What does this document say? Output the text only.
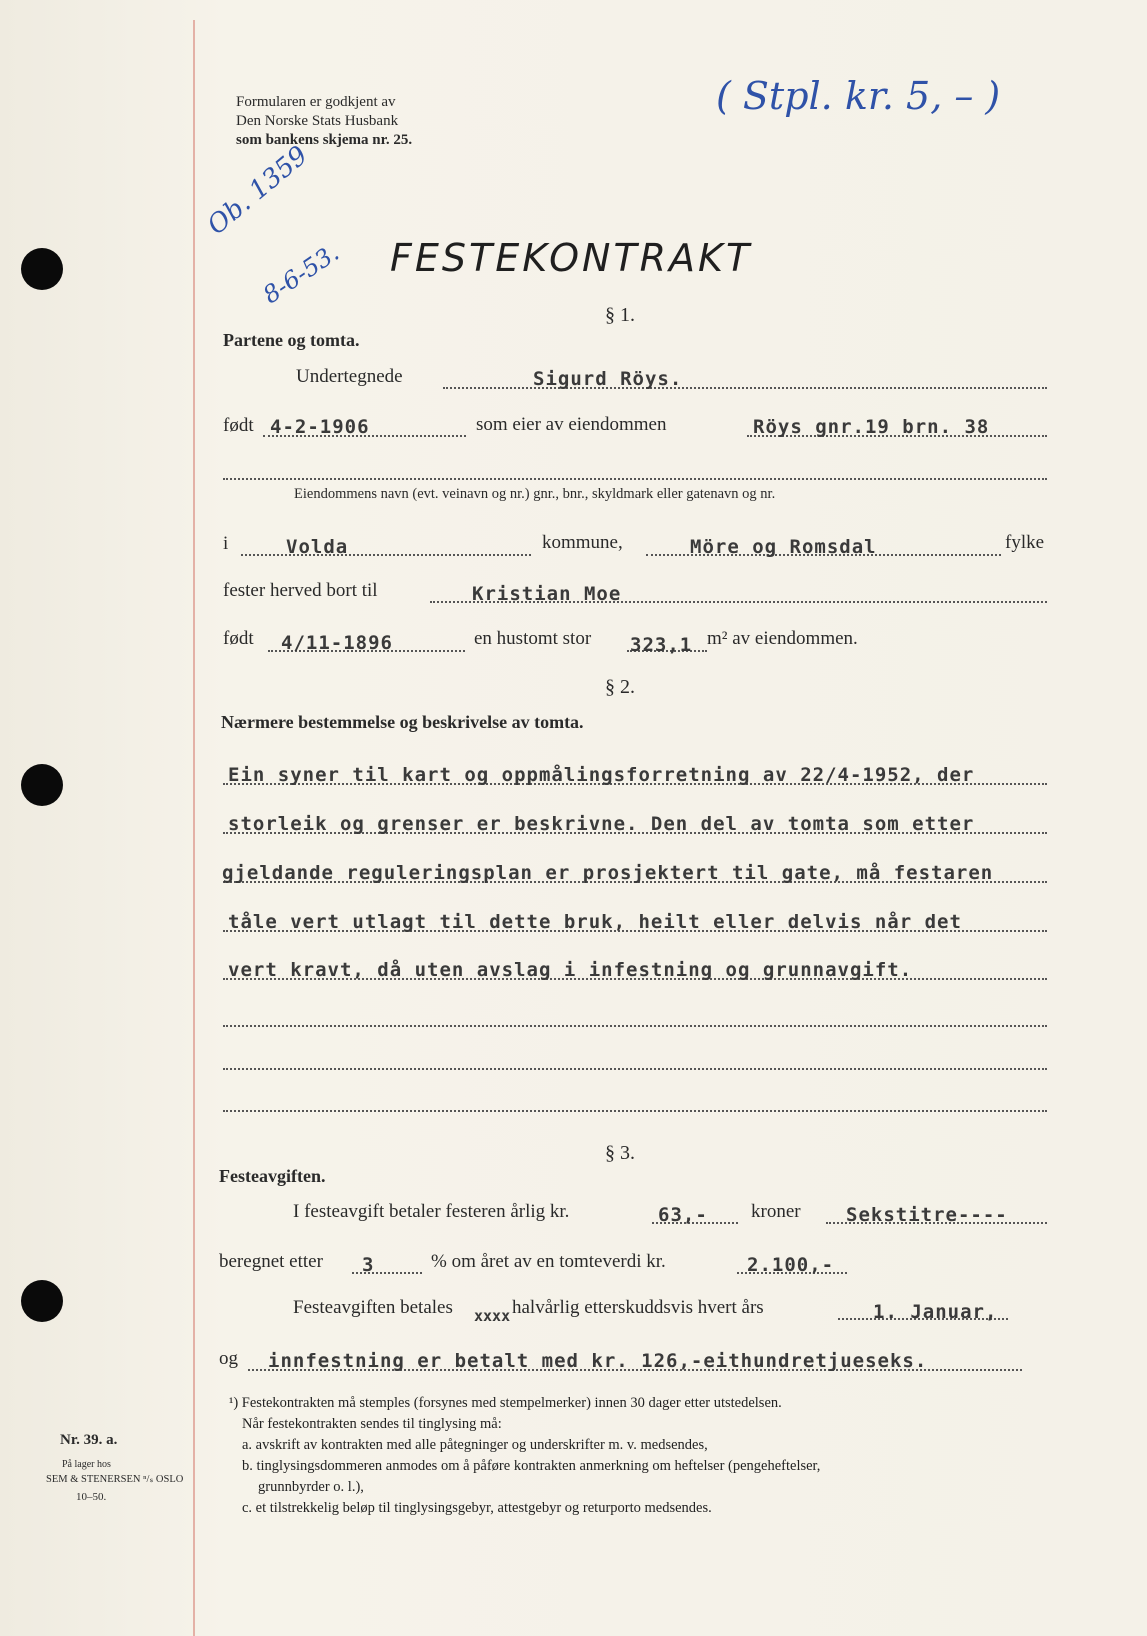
Formularen er godkjent av
Den Norske Stats Husbank
som bankens skjema nr. 25.
( Stpl. kr. 5, – )
Ob. 1359
8-6-53. FESTEKONTRAKT
§ 1.
Partene og tomta.
Undertegnede	Sigurd Röys.
født 4-2-1906	som eier av eiendommen	Röys gnr.19 brn. 38
Eiendommens navn (evt. veinavn og nr.) gnr., bnr., skyldmark eller gatenavn og nr.
i	Volda	kommune,	Möre og Romsdal	fylke
fester herved bort til	Kristian Moe
født 4/11-1896	en hustomt stor 323,1 m² av eiendommen.
§ 2.
Nærmere bestemmelse og beskrivelse av tomta.
Ein syner til kart og oppmålingsforretning av 22/4-1952, der
storleik og grenser er beskrivne. Den del av tomta som etter
gjeldande reguleringsplan er prosjektert til gate, må festaren
tåle vert utlagt til dette bruk, heilt eller delvis når det
vert kravt, då uten avslag i infestning og grunnavgift.
§ 3.
Festeavgiften.
I festeavgift betaler festeren årlig kr.	63,- kroner Sekstitre----
beregnet etter 3	% om året av en tomteverdi kr.	2.100,-
Festeavgiften betales xxxx halvårlig etterskuddsvis hvert års	1. Januar,
og innfestning er betalt med kr. 126,-eithundretjueseks.
¹) Festekontrakten må stemples (forsynes med stempelmerker) innen 30 dager etter utstedelsen.
Når festekontrakten sendes til tinglysing må:
a. avskrift av kontrakten med alle påtegninger og underskrifter m. v. medsendes,
b. tinglysingsdommeren anmodes om å påføre kontrakten anmerkning om heftelser (pengeheftelser,
grunnbyrder o. l.),
c. et tilstrekkelig beløp til tinglysingsgebyr, attestgebyr og returporto medsendes.
Nr. 39. a.
På lager hos
SEM & STENERSEN ⁿ/ₛ OSLO
10–50.
